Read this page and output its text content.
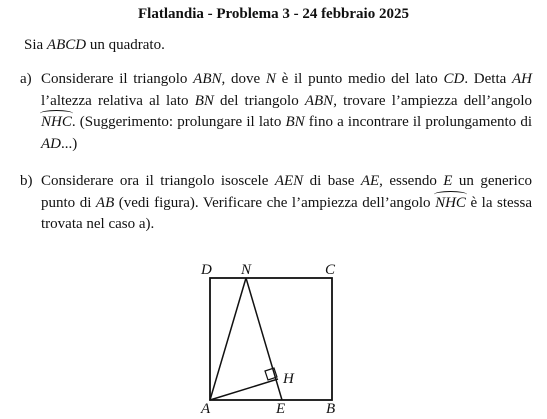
Flatlandia - Problema 3 - 24 febbraio 2025
Sia ABCD un quadrato.
a) Considerare il triangolo ABN, dove N è il punto medio del lato CD. Detta AH l’altezza relativa al lato BN del triangolo ABN, trovare l’ampiezza dell’angolo NHC. (Suggerimento: prolungare il lato BN fino a incontrare il prolungamento di AD...)
b) Considerare ora il triangolo isoscele AEN di base AE, essendo E un generico punto di AB (vedi figura). Verificare che l’ampiezza dell’angolo NHC è la stessa trovata nel caso a).
D N	C
H
A	E	B
